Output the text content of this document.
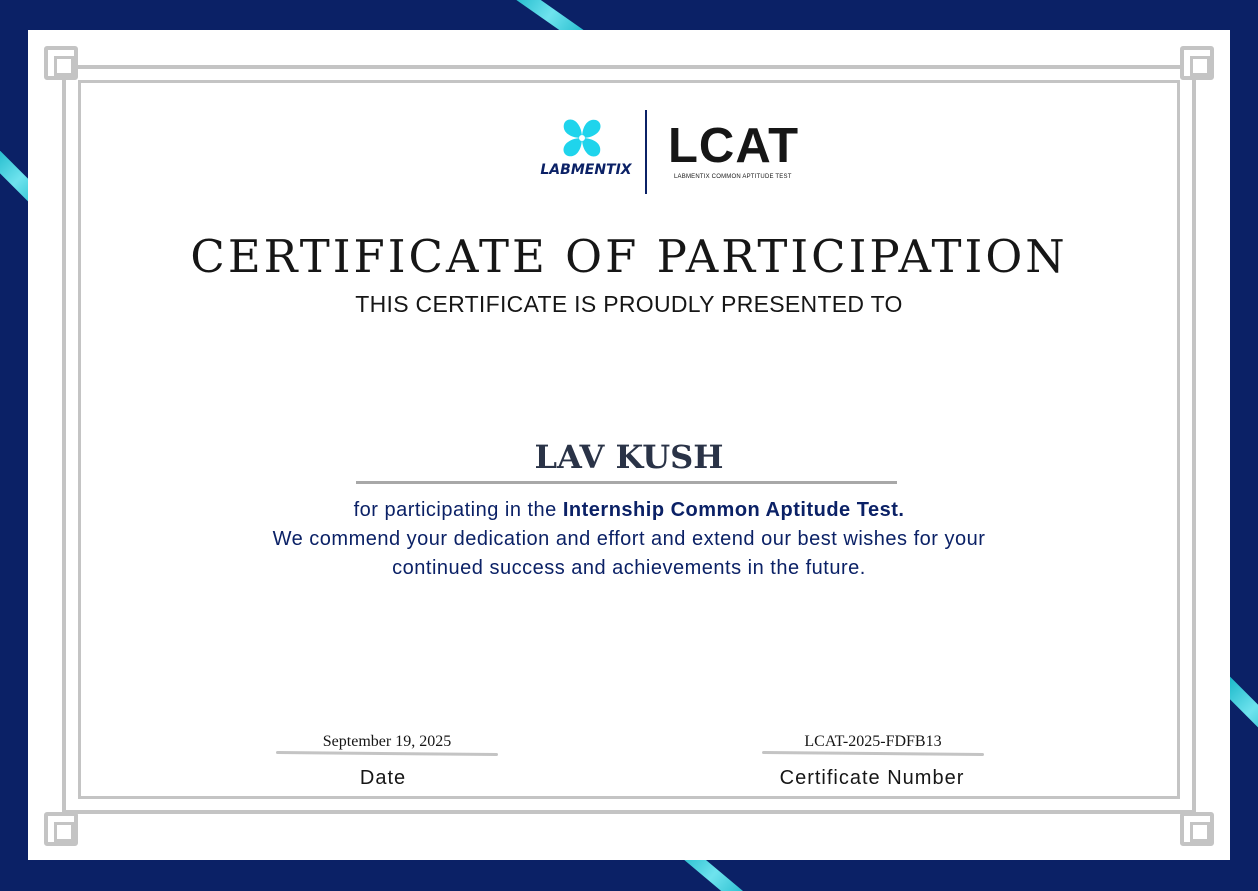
LABMENTIX LCAT
LABMENTIX COMMON APTITUDE TEST
CERTIFICATE OF PARTICIPATION
THIS CERTIFICATE IS PROUDLY PRESENTED TO
LAV KUSH
for participating in the Internship Common Aptitude Test.
We commend your dedication and effort and extend our best wishes for your
continued success and achievements in the future.
September 19, 2025
Date
LCAT-2025-FDFB13
Certificate Number
